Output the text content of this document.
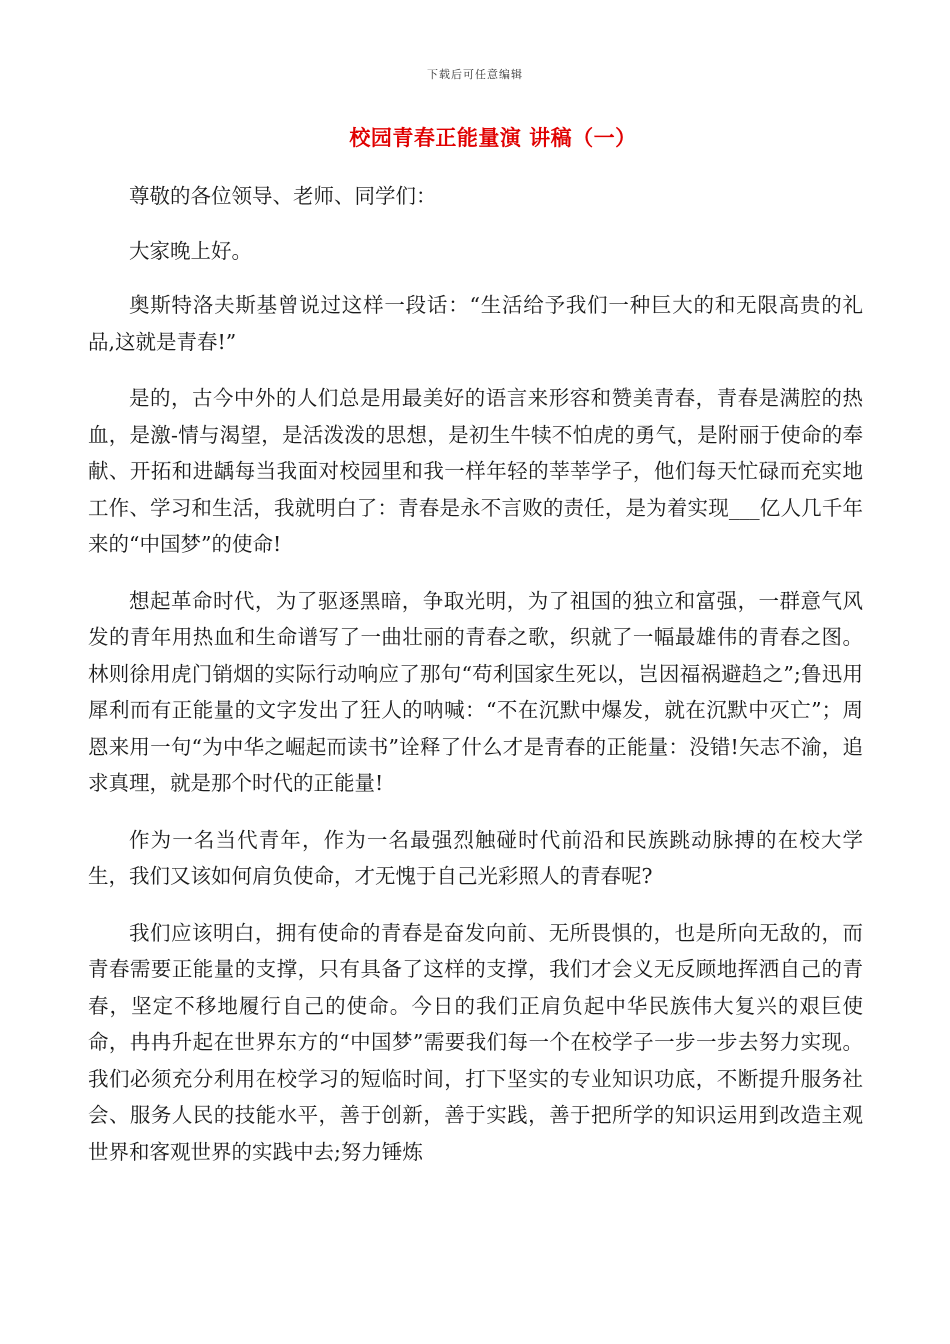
下载后可任意编辑
校园青春正能量演 讲稿（一）

尊敬的各位领导、老师、同学们：

大家晚上好。

奥斯特洛夫斯基曾说过这样一段话：“生活给予我们一种巨大的和无限高贵的礼品,这就是青春!”

是的，古今中外的人们总是用最美好的语言来形容和赞美青春，青春是满腔的热血，是激-情与渴望，是活泼泼的思想，是初生牛犊不怕虎的勇气，是附丽于使命的奉献、开拓和进龋每当我面对校园里和我一样年轻的莘莘学子，他们每天忙碌而充实地工作、学习和生活，我就明白了：青春是永不言败的责任，是为着实现___亿人几千年来的“中国梦”的使命!

想起革命时代，为了驱逐黑暗，争取光明，为了祖国的独立和富强，一群意气风发的青年用热血和生命谱写了一曲壮丽的青春之歌，织就了一幅最雄伟的青春之图。林则徐用虎门销烟的实际行动响应了那句“苟利国家生死以，岂因福祸避趋之”;鲁迅用犀利而有正能量的文字发出了狂人的呐喊：“不在沉默中爆发，就在沉默中灭亡”；周恩来用一句“为中华之崛起而读书”诠释了什么才是青春的正能量：没错!矢志不渝，追求真理，就是那个时代的正能量!

作为一名当代青年，作为一名最强烈触碰时代前沿和民族跳动脉搏的在校大学生，我们又该如何肩负使命，才无愧于自己光彩照人的青春呢?

我们应该明白，拥有使命的青春是奋发向前、无所畏惧的，也是所向无敌的，而青春需要正能量的支撑，只有具备了这样的支撑，我们才会义无反顾地挥洒自己的青春，坚定不移地履行自己的使命。今日的我们正肩负起中华民族伟大复兴的艰巨使命，冉冉升起在世界东方的“中国梦”需要我们每一个在校学子一步一步去努力实现。我们必须充分利用在校学习的短临时间，打下坚实的专业知识功底，不断提升服务社会、服务人民的技能水平，善于创新，善于实践，善于把所学的知识运用到改造主观世界和客观世界的实践中去;努力锤炼
